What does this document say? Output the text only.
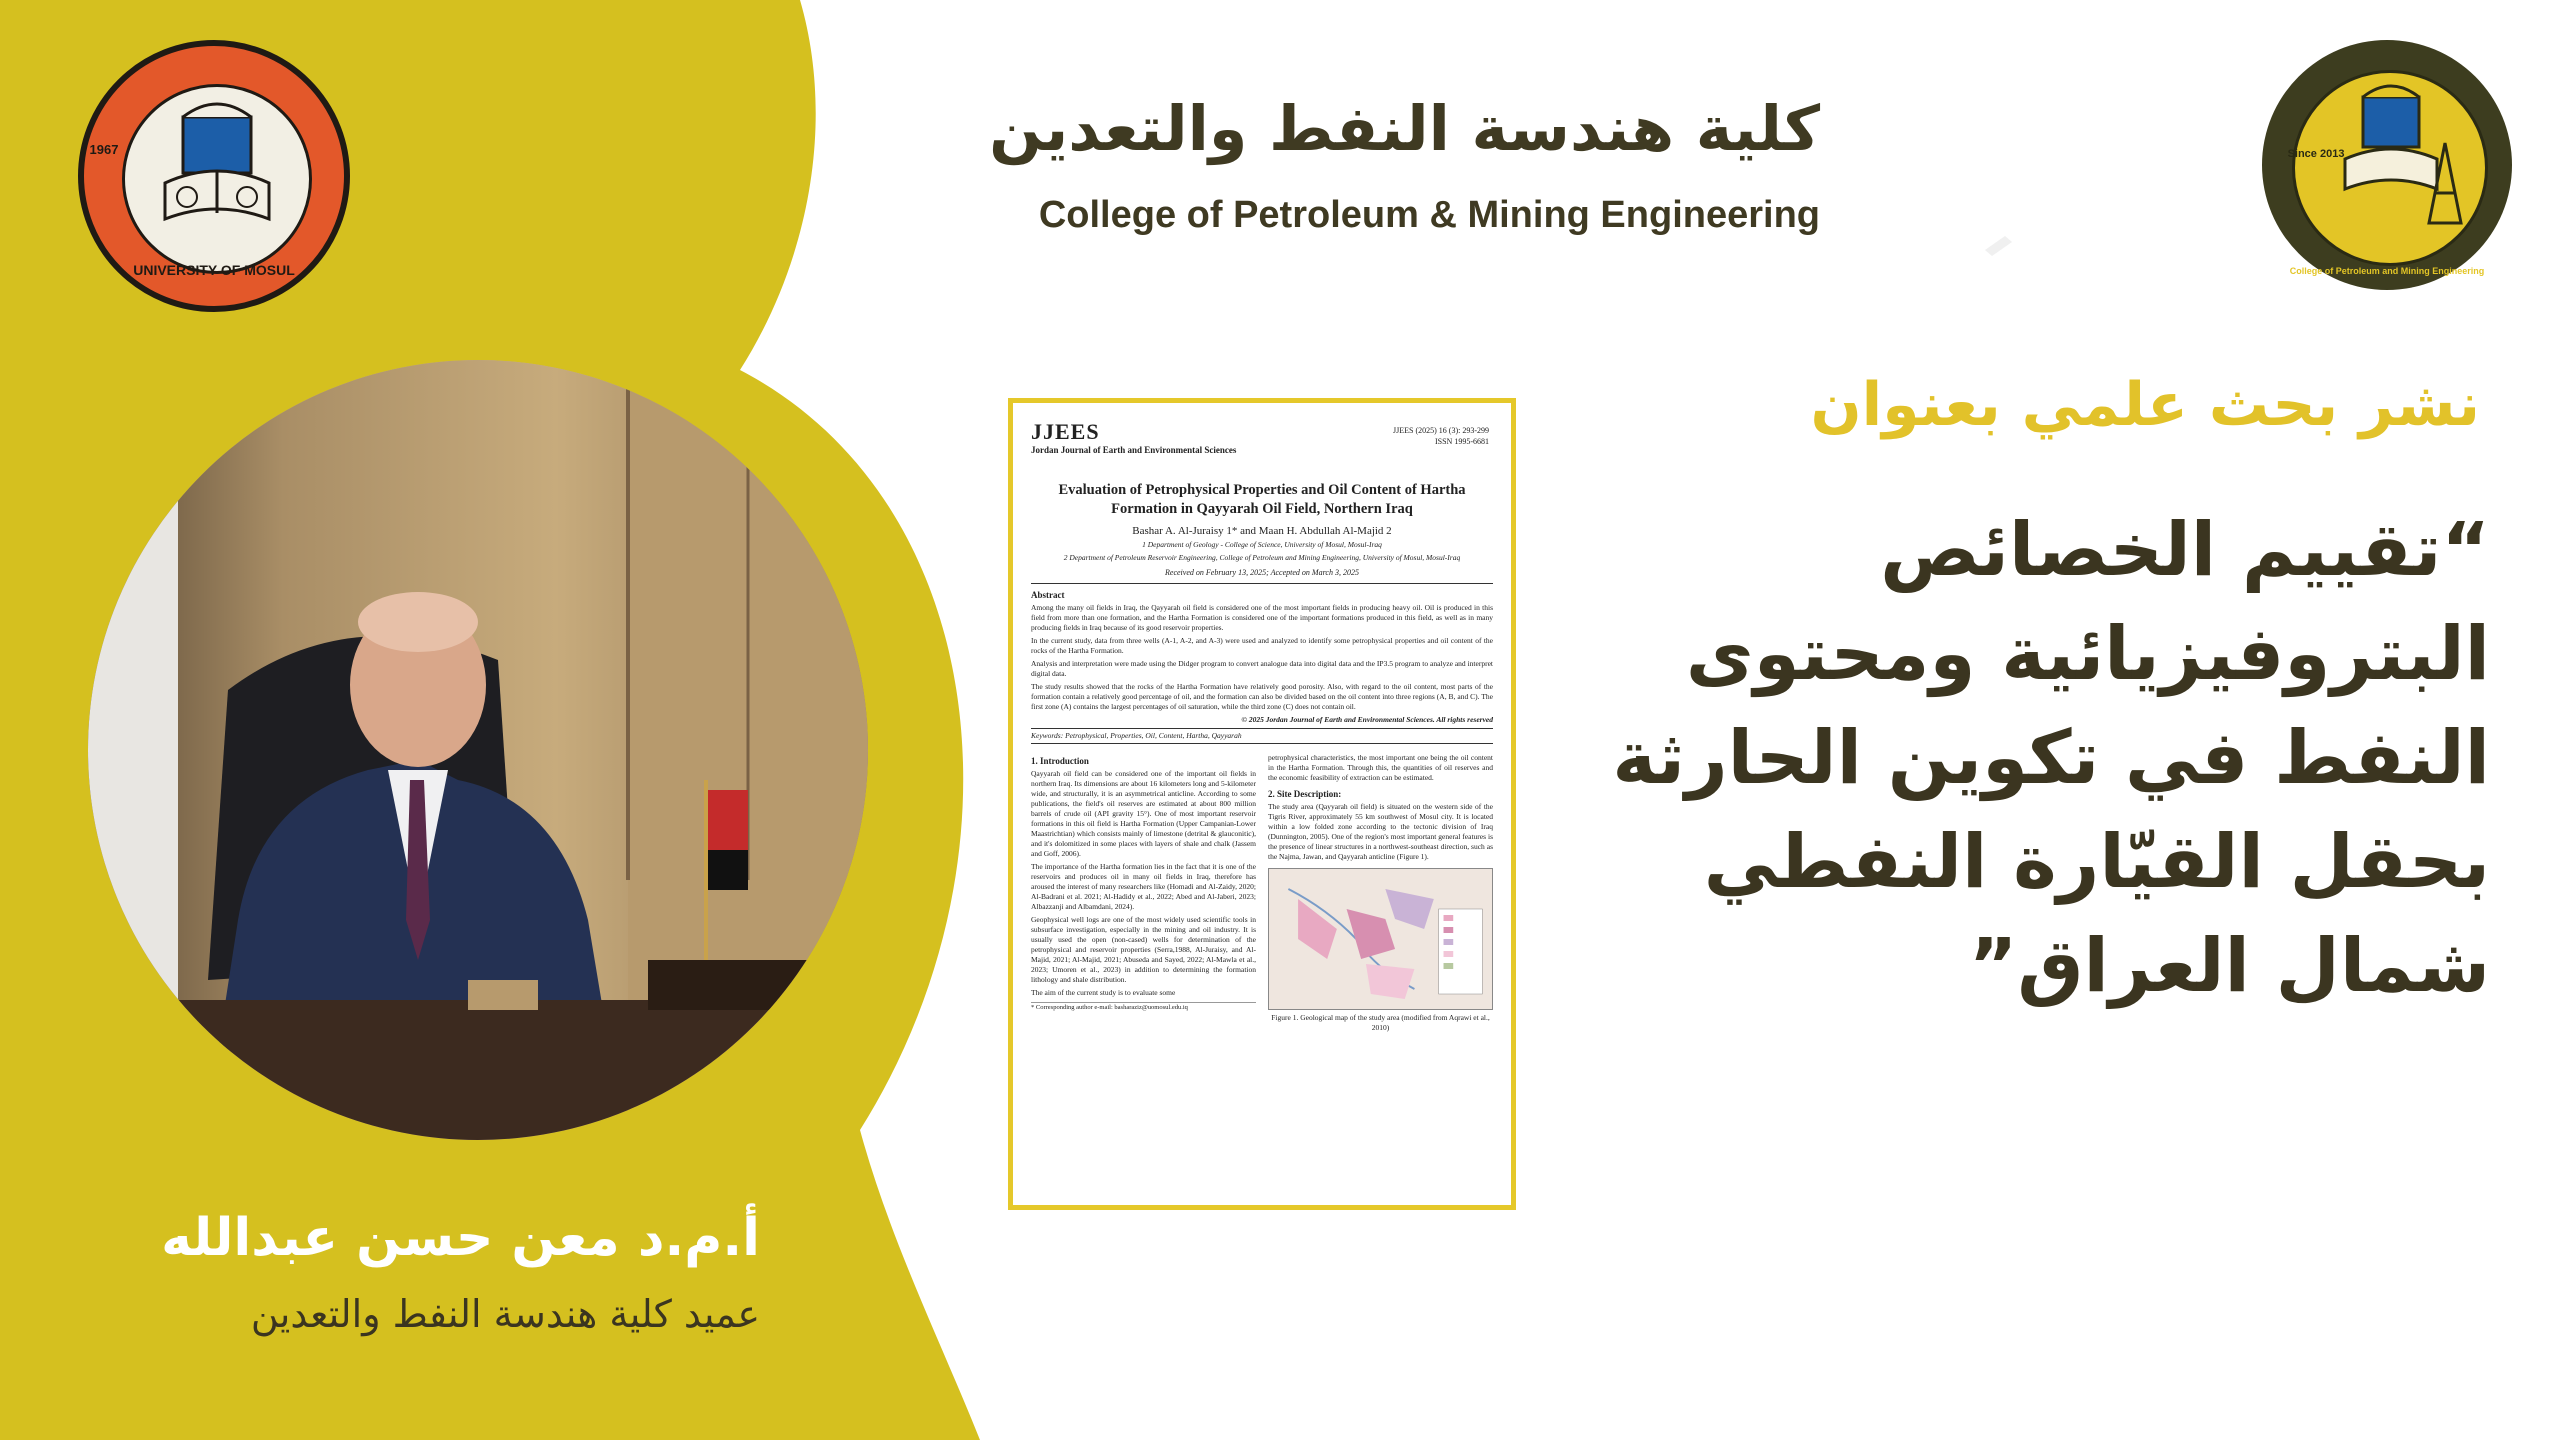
UNIVERSITY OF MOSUL
1967	Since 2013
College of Petroleum and Mining Engineering
كلية هندسة النفط والتعدين
College of Petroleum & Mining Engineering
JJEES
Jordan Journal of Earth and Environmental Sciences
JJEES (2025) 16 (3): 293-299
ISSN 1995-6681
Evaluation of Petrophysical Properties and Oil Content of Hartha Formation in Qayyarah Oil Field, Northern Iraq
Bashar A. Al-Juraisy 1* and Maan H. Abdullah Al-Majid 2
1 Department of Geology - College of Science, University of Mosul, Mosul-Iraq
2 Department of Petroleum Reservoir Engineering, College of Petroleum and Mining Engineering, University of Mosul, Mosul-Iraq
Received on February 13, 2025; Accepted on March 3, 2025
Abstract
Among the many oil fields in Iraq, the Qayyarah oil field is considered one of the most important fields in producing heavy oil. Oil is produced in this field from more than one formation, and the Hartha Formation is considered one of the important formations produced in this field, as well as in many producing fields in Iraq because of its good reservoir properties.
In the current study, data from three wells (A-1, A-2, and A-3) were used and analyzed to identify some petrophysical properties and oil content of the rocks of the Hartha Formation.
Analysis and interpretation were made using the Didger program to convert analogue data into digital data and the IP3.5 program to analyze and interpret digital data.
The study results showed that the rocks of the Hartha Formation have relatively good porosity. Also, with regard to the oil content, most parts of the formation contain a relatively good percentage of oil, and the formation can also be divided based on the oil content into three regions (A, B, and C). The first zone (A) contains the largest percentages of oil saturation, while the third zone (C) does not contain oil.
© 2025 Jordan Journal of Earth and Environmental Sciences. All rights reserved
Keywords: Petrophysical, Properties, Oil, Content, Hartha, Qayyarah
1. Introduction
Qayyarah oil field can be considered one of the important oil fields in northern Iraq. Its dimensions are about 16 kilometers long and 5-kilometer wide, and structurally, it is an asymmetrical anticline. According to some publications, the field's oil reserves are estimated at about 800 million barrels of crude oil (API gravity 15°). One of most important reservoir formations in this oil field is Hartha Formation (Upper Campanian-Lower Maastrichtian) which consists mainly of limestone (detrital & glauconitic), and it's dolomitized in some places with layers of shale and chalk (Jassem and Goff, 2006).
The importance of the Hartha formation lies in the fact that it is one of the reservoirs and produces oil in many oil fields in Iraq, therefore has aroused the interest of many researchers like (Homadi and Al-Zaidy, 2020; Al-Badrani et al. 2021; Al-Hadidy et al., 2022; Abed and Al-Jaberi, 2023; Albazzanji and Albamdani, 2024).
Geophysical well logs are one of the most widely used scientific tools in subsurface investigation, especially in the mining and oil industry. It is usually used the open (non-cased) wells for determination of the petrophysical and reservoir properties (Serra,1988, Al-Juraisy, and Al-Majid, 2021; Al-Majid, 2021; Abuseda and Sayed, 2022; Al-Mawla et al., 2023; Umoren et al., 2023) in addition to determining the formation lithology and shale distribution.
The aim of the current study is to evaluate some
* Corresponding author e-mail: basharaziz@uomosul.edu.iq
petrophysical characteristics, the most important one being the oil content in the Hartha Formation. Through this, the quantities of oil reserves and the economic feasibility of extraction can be estimated.
2. Site Description:
The study area (Qayyarah oil field) is situated on the western side of the Tigris River, approximately 55 km southwest of Mosul city. It is located within a low folded zone according to the tectonic division of Iraq (Dunnington, 2005). One of the region's most important general features is the presence of linear structures in a northwest-southeast direction, such as the Najma, Jawan, and Qayyarah anticline (Figure 1).
Figure 1. Geological map of the study area (modified from Aqrawi et al., 2010)
نشر بحث علمي بعنوان
“تقييم الخصائص
البتروفيزيائية ومحتوى
النفط في تكوين الحارثة
بحقل القيّارة النفطي
شمال العراق”
أ.م.د معن حسن عبدالله
عميد كلية هندسة النفط والتعدين
